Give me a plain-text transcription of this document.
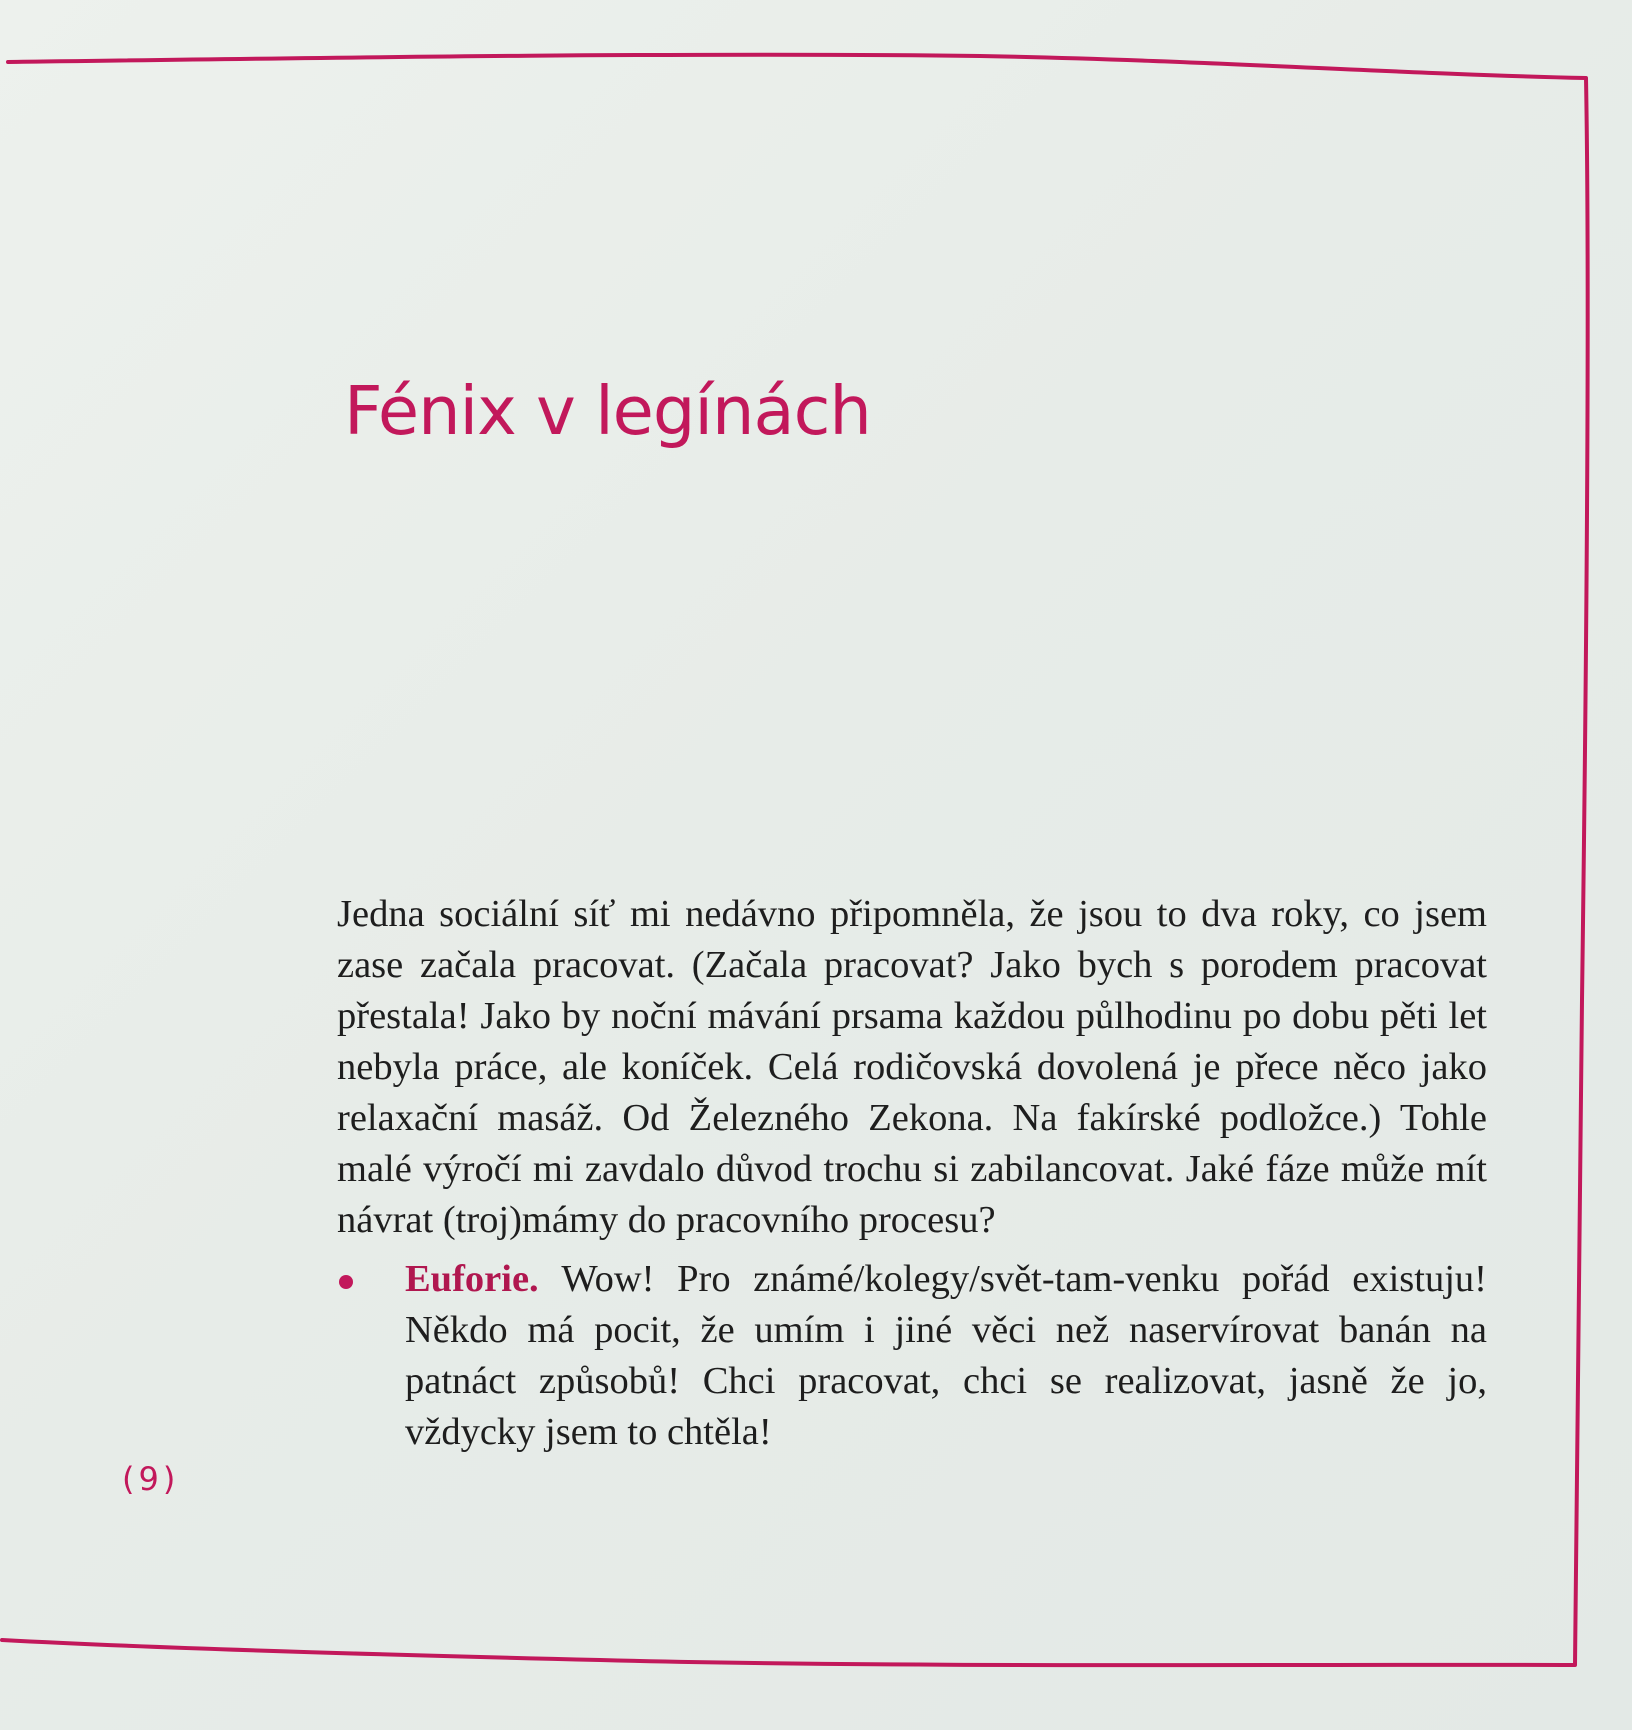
Fénix v legínách

Jedna sociální síť mi nedávno připomněla, že jsou to dva roky, co jsem zase začala pracovat. (Začala pracovat? Jako bych s porodem pracovat přestala! Jako by noční mávání prsama každou půlhodinu po dobu pěti let nebyla práce, ale koníček. Celá rodičovská dovolená je přece něco jako relaxační masáž. Od Železného Zekona. Na fakírské podložce.) Tohle malé výročí mi zavdalo důvod trochu si zabilancovat. Jaké fáze může mít návrat (troj)mámy do pracovního procesu?

Euforie. Wow! Pro známé/kolegy/svět-tam-venku pořád existuju! Někdo má pocit, že umím i jiné věci než naservírovat banán na patnáct způsobů! Chci pracovat, chci se realizovat, jasně že jo, vždycky jsem to chtěla!
(9)
